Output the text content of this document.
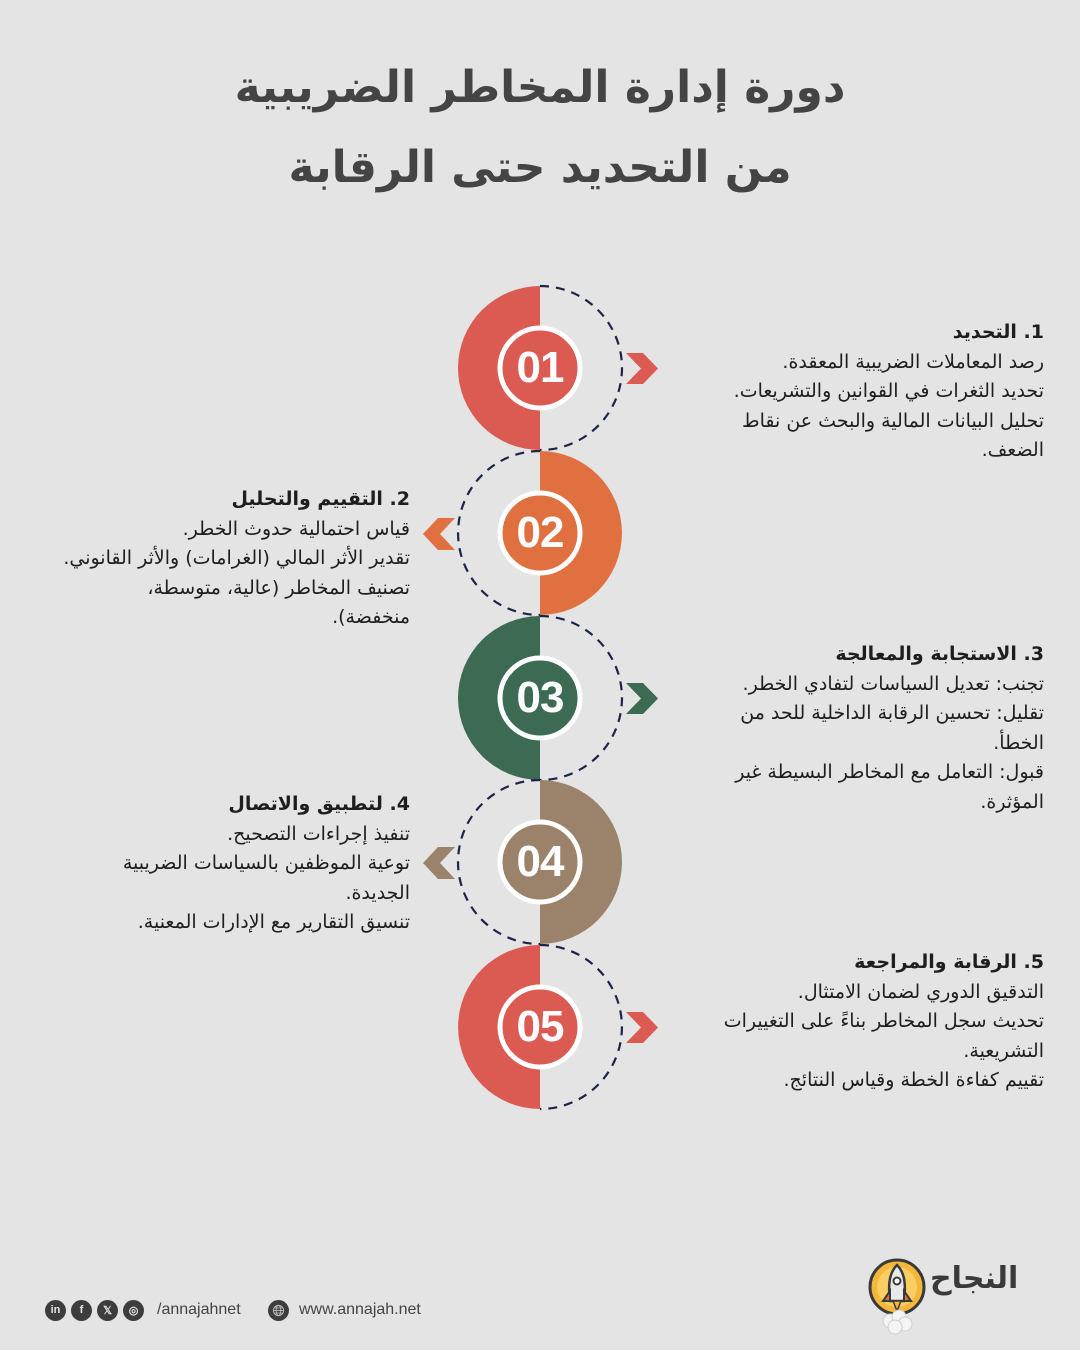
دورة إدارة المخاطر الضريبية
من التحديد حتى الرقابة
01
02
03
04
05
1. التحديد
رصد المعاملات الضريبية المعقدة.
تحديد الثغرات في القوانين والتشريعات.
تحليل البيانات المالية والبحث عن نقاط
الضعف.
2. التقييم والتحليل
قياس احتمالية حدوث الخطر.
تقدير الأثر المالي (الغرامات) والأثر القانوني.
تصنيف المخاطر (عالية، متوسطة،
منخفضة).
3. الاستجابة والمعالجة
تجنب: تعديل السياسات لتفادي الخطر.
تقليل: تحسين الرقابة الداخلية للحد من
الخطأ.
قبول: التعامل مع المخاطر البسيطة غير
المؤثرة.
4. لتطبيق والاتصال
تنفيذ إجراءات التصحيح.
توعية الموظفين بالسياسات الضريبية
الجديدة.
تنسيق التقارير مع الإدارات المعنية.
5. الرقابة والمراجعة
التدقيق الدوري لضمان الامتثال.
تحديث سجل المخاطر بناءً على التغييرات
التشريعية.
تقييم كفاءة الخطة وقياس النتائج.
in	f	𝕏	◎	/annajahnet	www.annajah.net
النجاح
